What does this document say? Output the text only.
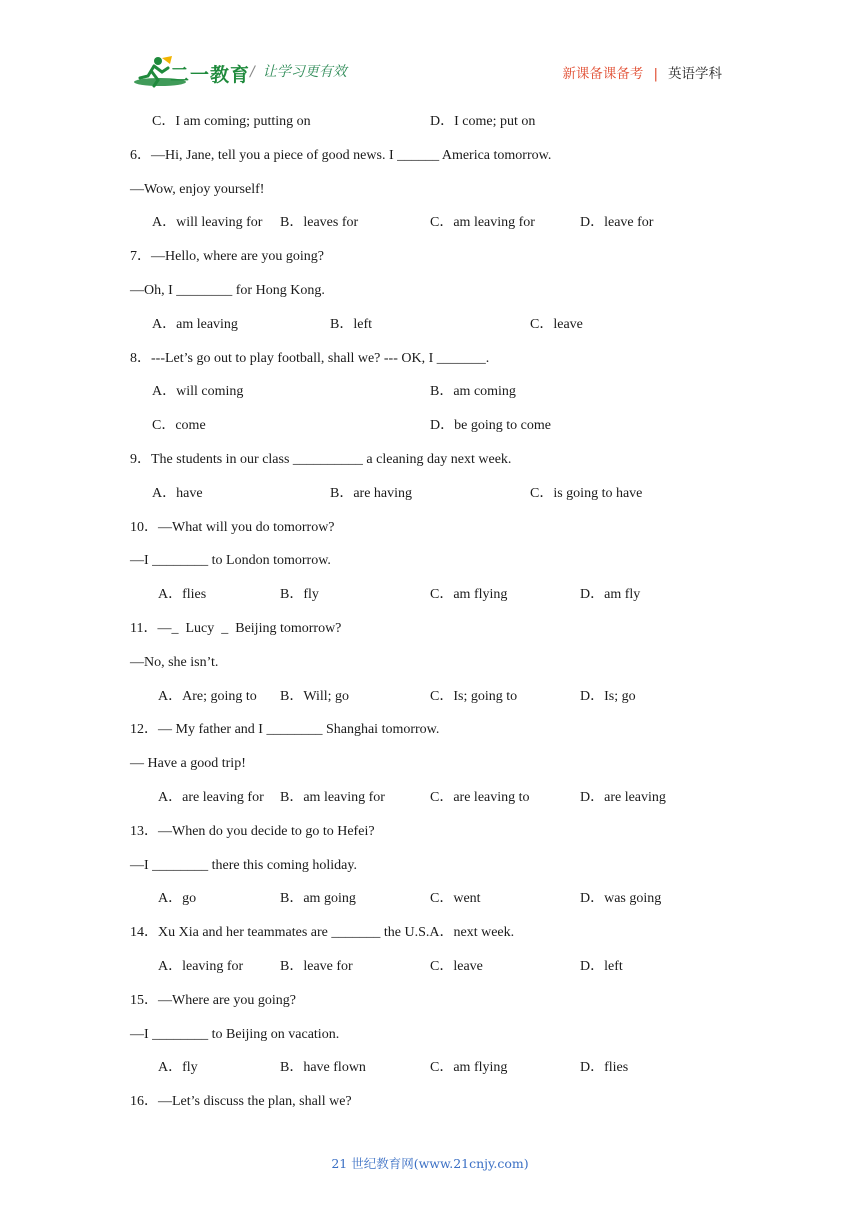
二一教育 / 让学习更有效	新课备课备考 | 英语学科
C．I am coming; putting on	D．I come; put on
6．—Hi, Jane, tell you a piece of good news. I ______ America tomorrow.
—Wow, enjoy yourself!
A．will leaving for B．leaves for	C．am leaving for	D．leave for
7．—Hello, where are you going?
—Oh, I ________ for Hong Kong.
A．am leaving	B．left	C．leave
8．---Let’s go out to play football, shall we? --- OK, I _______.
A．will coming	B．am coming
C．come	D．be going to come
9．The students in our class __________ a cleaning day next week.
A．have	B．are having	C．is going to have
10．—What will you do tomorrow?
—I ________ to London tomorrow.
A．flies	B．fly	C．am flying	D．am fly
11．—_  Lucy  _  Beijing tomorrow?
—No, she isn’t.
A．Are; going to B．Will; go	C．Is; going to	D．Is; go
12．— My father and I ________ Shanghai tomorrow.
— Have a good trip!
A．are leaving for B．am leaving for	C．are leaving to	D．are leaving
13．—When do you decide to go to Hefei?
—I ________ there this coming holiday.
A．go	B．am going	C．went	D．was going
14．Xu Xia and her teammates are _______ the U.S.A．next week.
A．leaving for	B．leave for	C．leave	D．left
15．—Where are you going?
—I ________ to Beijing on vacation.
A．fly	B．have flown	C．am flying	D．flies
16．—Let’s discuss the plan, shall we?
21 世纪教育网(www.21cnjy.com)
